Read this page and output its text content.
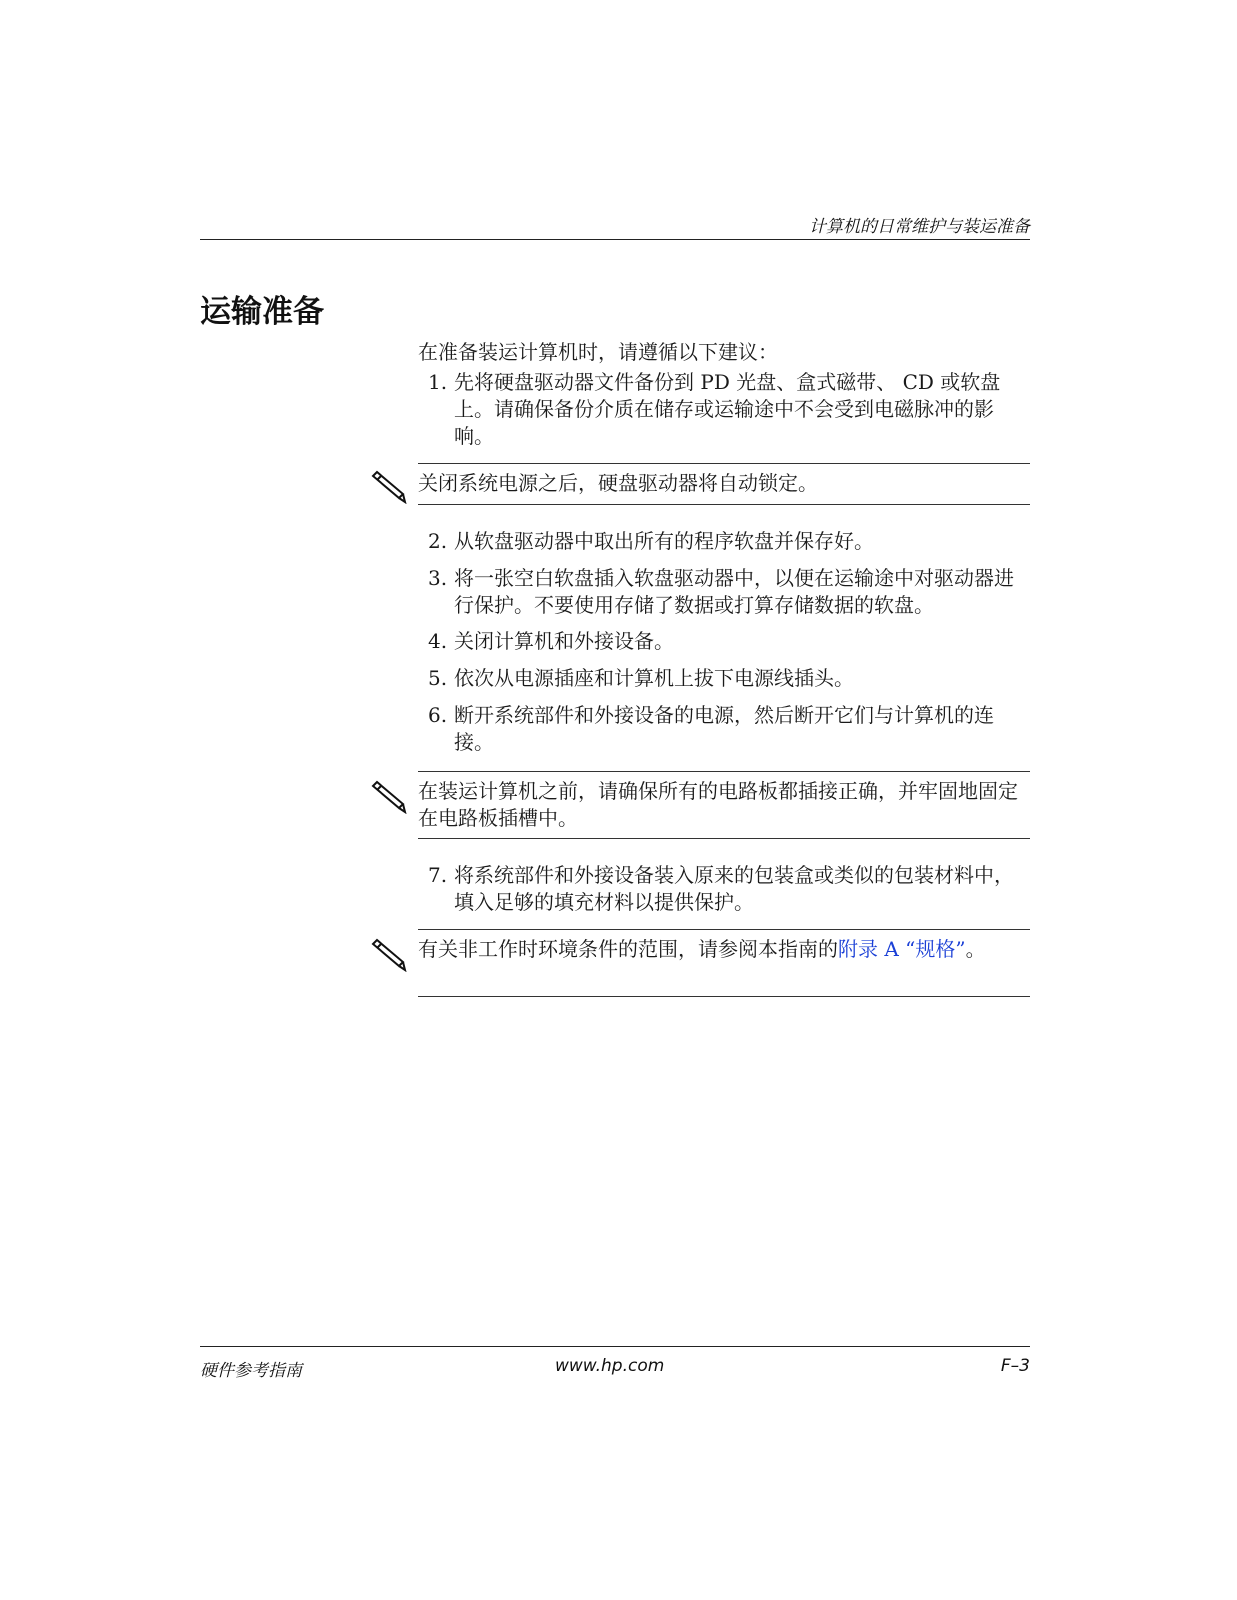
计算机的日常维护与装运准备
运输准备
在准备装运计算机时，请遵循以下建议：
1. 先将硬盘驱动器文件备份到 PD 光盘、盒式磁带、 CD 或软盘上。请确保备份介质在储存或运输途中不会受到电磁脉冲的影响。
关闭系统电源之后，硬盘驱动器将自动锁定。
2. 从软盘驱动器中取出所有的程序软盘并保存好。
3. 将一张空白软盘插入软盘驱动器中，以便在运输途中对驱动器进行保护。不要使用存储了数据或打算存储数据的软盘。
4. 关闭计算机和外接设备。
5. 依次从电源插座和计算机上拔下电源线插头。
6. 断开系统部件和外接设备的电源，然后断开它们与计算机的连接。
在装运计算机之前，请确保所有的电路板都插接正确，并牢固地固定在电路板插槽中。
7. 将系统部件和外接设备装入原来的包装盒或类似的包装材料中，填入足够的填充材料以提供保护。
有关非工作时环境条件的范围，请参阅本指南的附录 A “规格”。
硬件参考指南	www.hp.com	F–3
